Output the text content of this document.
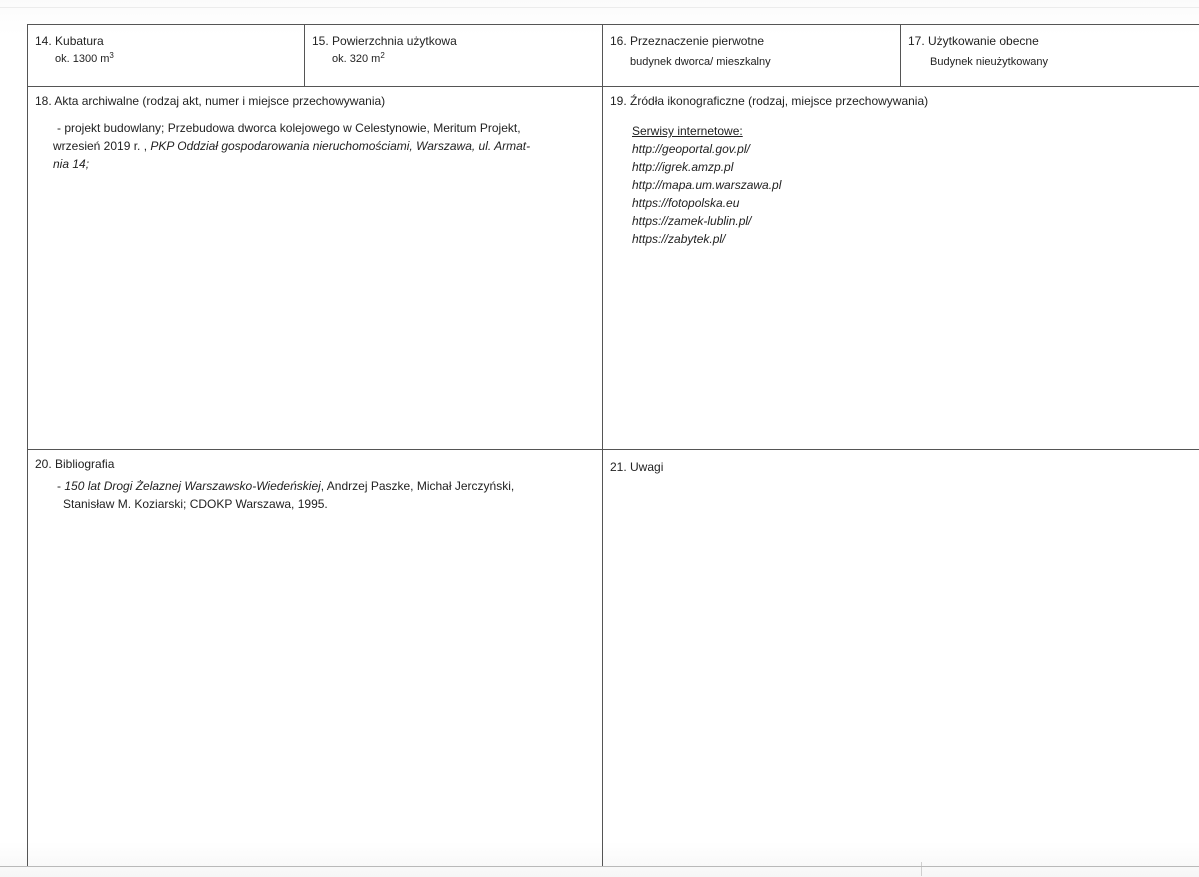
14. Kubatura
ok. 1300 $m^3$
15. Powierzchnia użytkowa
ok. 320 $m^2$
16. Przeznaczenie pierwotne
budynek dworca/ mieszkalny
17. Użytkowanie obecne
Budynek nieużytkowany
18. Akta archiwalne (rodzaj akt, numer i miejsce przechowywania)

- projekt budowlany; Przebudowa dworca kolejowego w Celestynowie, Meritum Projekt,

wrzesień 2019 r. , PKP Oddział gospodarowania nieruchomościami, Warszawa, ul. Armat-

nia 14;

19. Źródła ikonograficzne (rodzaj, miejsce przechowywania)

Serwisy internetowe:

http://geoportal.gov.pl/

http://igrek.amzp.pl

http://mapa.um.warszawa.pl

https://fotopolska.eu

https://zamek-lublin.pl/

https://zabytek.pl/

20. Bibliografia

- 150 lat Drogi Żelaznej Warszawsko-Wiedeńskiej, Andrzej Paszke, Michał Jerczyński,

Stanisław M. Koziarski; CDOKP Warszawa, 1995.

21. Uwagi
